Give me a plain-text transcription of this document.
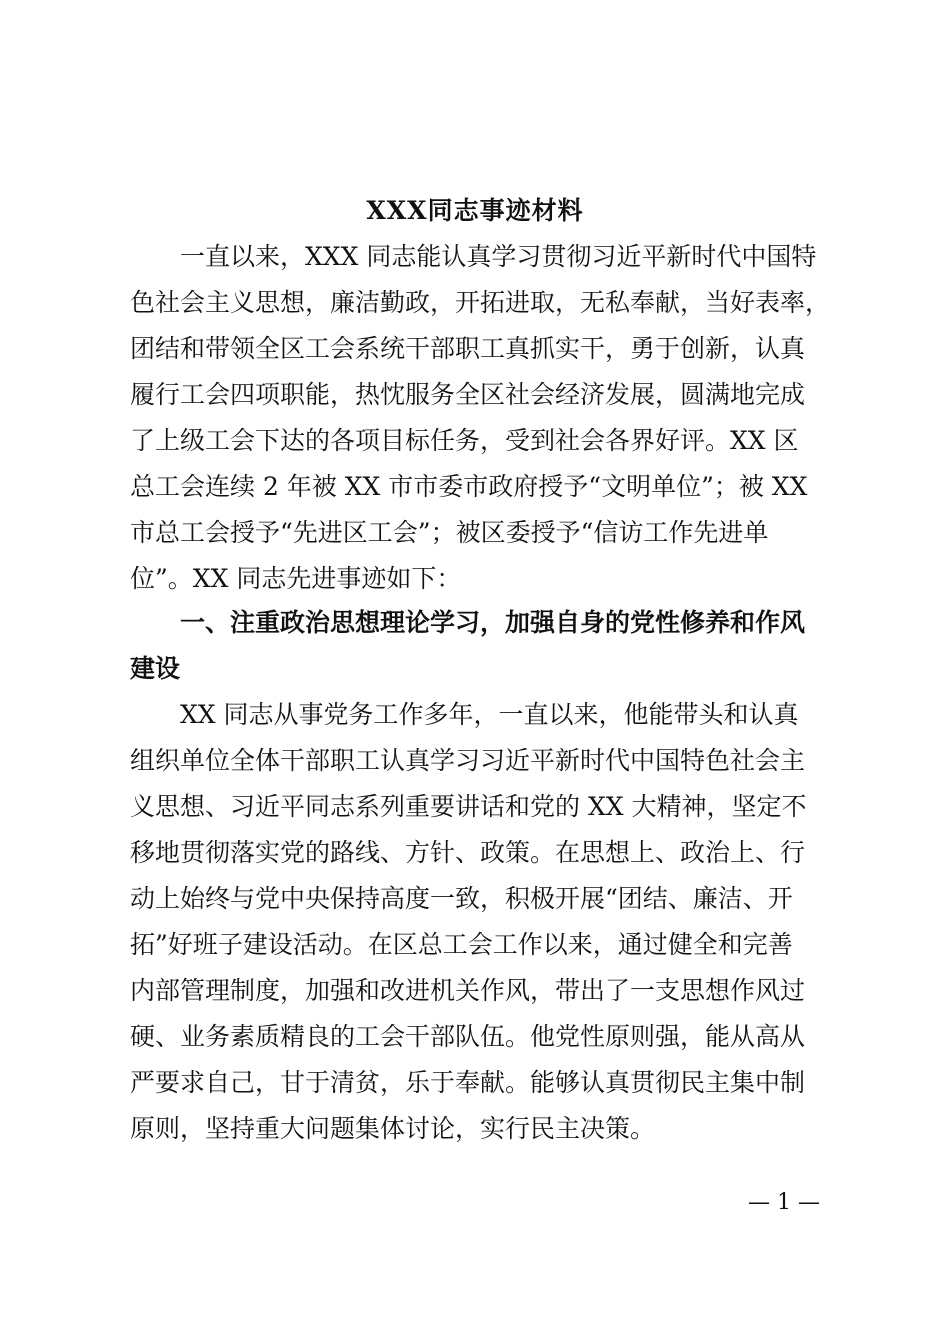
XXX同志事迹材料
一直以来，XXX 同志能认真学习贯彻习近平新时代中国特
色社会主义思想，廉洁勤政，开拓进取，无私奉献，当好表率，
团结和带领全区工会系统干部职工真抓实干，勇于创新，认真
履行工会四项职能，热忱服务全区社会经济发展，圆满地完成
了上级工会下达的各项目标任务，受到社会各界好评。XX 区
总工会连续 2 年被 XX 市市委市政府授予“文明单位”；被 XX
市总工会授予“先进区工会”；被区委授予“信访工作先进单
位”。XX 同志先进事迹如下：
一、注重政治思想理论学习，加强自身的党性修养和作风
建设
XX 同志从事党务工作多年，一直以来，他能带头和认真
组织单位全体干部职工认真学习习近平新时代中国特色社会主
义思想、习近平同志系列重要讲话和党的 XX 大精神，坚定不
移地贯彻落实党的路线、方针、政策。在思想上、政治上、行
动上始终与党中央保持高度一致，积极开展“团结、廉洁、开
拓”好班子建设活动。在区总工会工作以来，通过健全和完善
内部管理制度，加强和改进机关作风，带出了一支思想作风过
硬、业务素质精良的工会干部队伍。他党性原则强，能从高从
严要求自己，甘于清贫，乐于奉献。能够认真贯彻民主集中制
原则，坚持重大问题集体讨论，实行民主决策。
— 1 —
